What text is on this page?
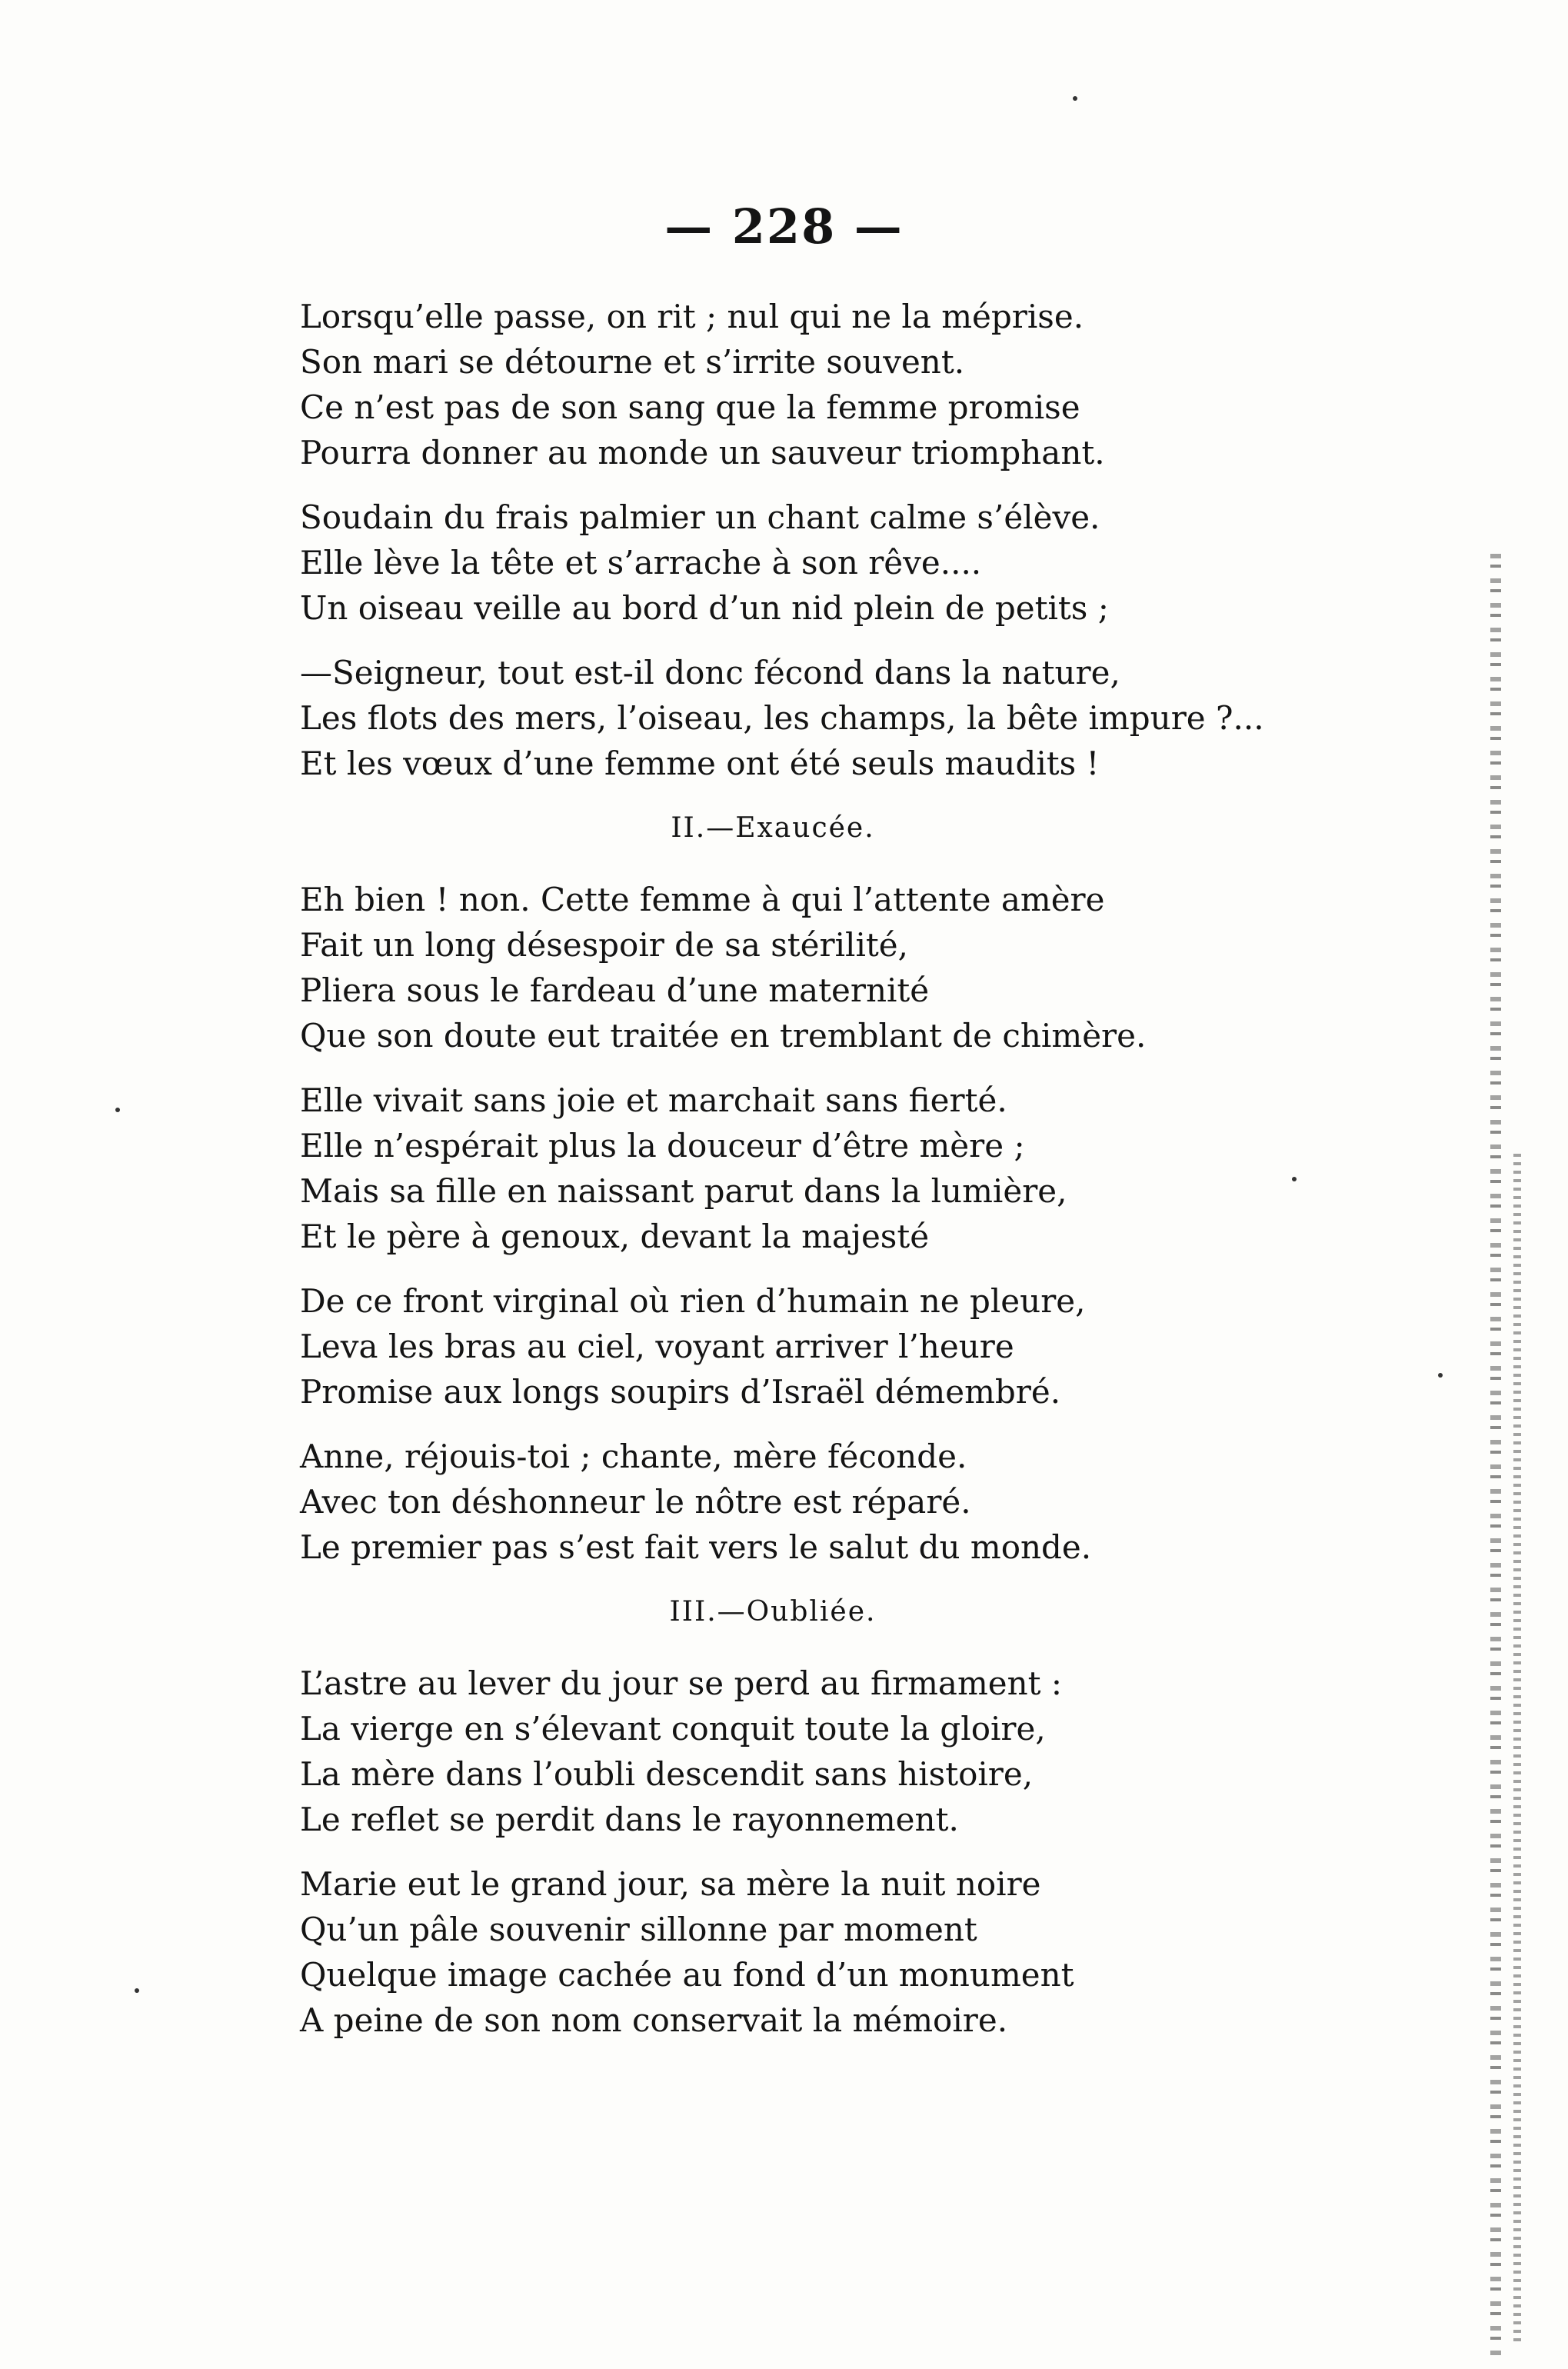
— 228 —
Lorsqu’elle passe, on rit ; nul qui ne la méprise.
Son mari se détourne et s’irrite souvent.
Ce n’est pas de son sang que la femme promise
Pourra donner au monde un sauveur triomphant.
Soudain du frais palmier un chant calme s’élève.
Elle lève la tête et s’arrache à son rêve....
Un oiseau veille au bord d’un nid plein de petits ;
—Seigneur, tout est-il donc fécond dans la nature,
Les flots des mers, l’oiseau, les champs, la bête impure ?...
Et les vœux d’une femme ont été seuls maudits !
II.—Exaucée.
Eh bien ! non. Cette femme à qui l’attente amère
Fait un long désespoir de sa stérilité,
Pliera sous le fardeau d’une maternité
Que son doute eut traitée en tremblant de chimère.
Elle vivait sans joie et marchait sans fierté.
Elle n’espérait plus la douceur d’être mère ;
Mais sa fille en naissant parut dans la lumière,
Et le père à genoux, devant la majesté
De ce front virginal où rien d’humain ne pleure,
Leva les bras au ciel, voyant arriver l’heure
Promise aux longs soupirs d’Israël démembré.
Anne, réjouis-toi ; chante, mère féconde.
Avec ton déshonneur le nôtre est réparé.
Le premier pas s’est fait vers le salut du monde.
III.—Oubliée.
L’astre au lever du jour se perd au firmament :
La vierge en s’élevant conquit toute la gloire,
La mère dans l’oubli descendit sans histoire,
Le reflet se perdit dans le rayonnement.
Marie eut le grand jour, sa mère la nuit noire
Qu’un pâle souvenir sillonne par moment
Quelque image cachée au fond d’un monument
A peine de son nom conservait la mémoire.
